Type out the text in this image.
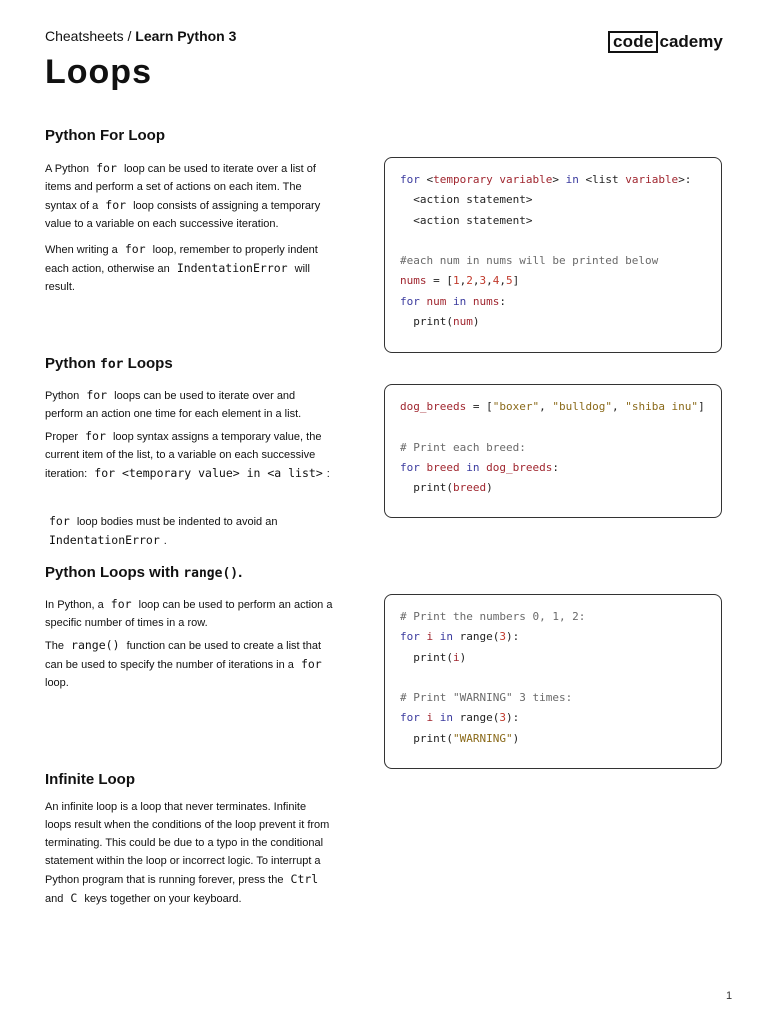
Cheatsheets / Learn Python 3	code cademy
Loops
Python For Loop

A Python for loop can be used to iterate over a list of items and perform a set of actions on each item. The syntax of a for loop consists of assigning a temporary value to a variable on each successive iteration.

When writing a for loop, remember to properly indent each action, otherwise an IndentationError will result.

for <temporary variable> in <list variable>:
<action statement>
<action statement>
#each num in nums will be printed below
nums = [1,2,3,4,5]
for num in nums:
print(num)
Python for Loops

Python for loops can be used to iterate over and perform an action one time for each element in a list.

Proper for loop syntax assigns a temporary value, the current item of the list, to a variable on each successive iteration: for <temporary value> in <a list> :

for loop bodies must be indented to avoid an IndentationError .

dog_breeds = ["boxer", "bulldog", "shiba inu"]
# Print each breed:
for breed in dog_breeds:
print(breed)
Python Loops with range().

In Python, a for loop can be used to perform an action a specific number of times in a row.

The range() function can be used to create a list that can be used to specify the number of iterations in a for loop.

# Print the numbers 0, 1, 2:
for i in range(3):
print(i)
# Print "WARNING" 3 times:
for i in range(3):
print("WARNING")
Infinite Loop

An infinite loop is a loop that never terminates. Infinite loops result when the conditions of the loop prevent it from terminating. This could be due to a typo in the conditional statement within the loop or incorrect logic. To interrupt a Python program that is running forever, press the Ctrl and C keys together on your keyboard.

1
